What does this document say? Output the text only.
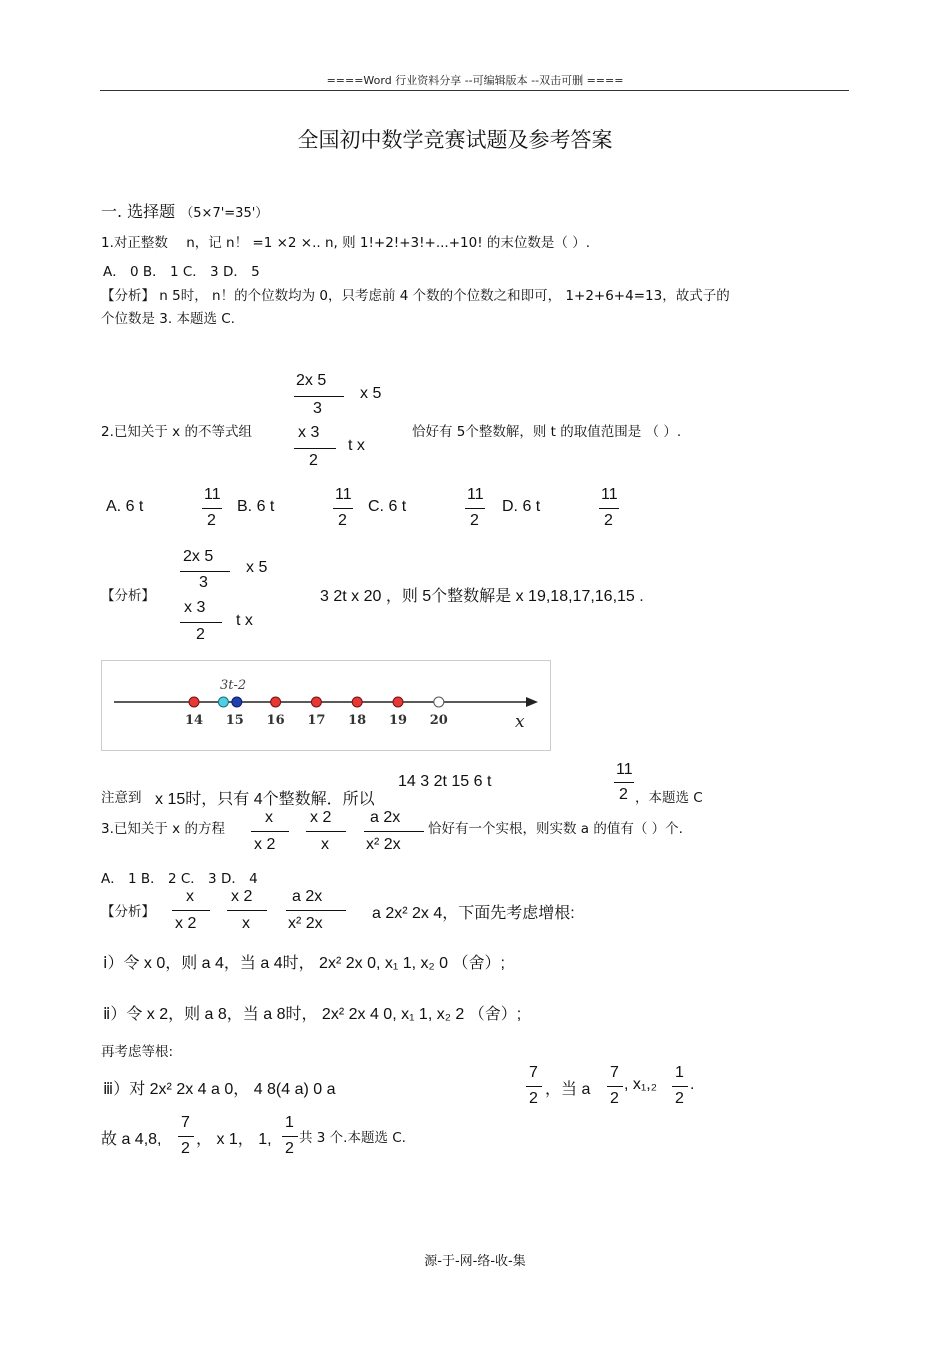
====Word 行业资料分享 --可编辑版本 --双击可删 ====
全国初中数学竞赛试题及参考答案
一. 选择题 （5×7'=35'）
1.对正整数 n，记 n！ =1 ×2 ×.. n, 则 1!+2!+3!+...+10! 的末位数是（ ）.
A． 0 B． 1 C． 3 D． 5
【分析】 n 5时， n！的个位数均为 0，只考虑前 4 个数的个位数之和即可， 1+2+6+4=13，故式子的
个位数是 3. 本题选 C.
2x 5
3
x 5
2.已知关于 x 的不等式组	恰好有 5个整数解，则 t 的取值范围是 （ ）.
x 3
2
t x
A. 6 t
11
2
B. 6 t
11
2
C. 6 t
11
2
D. 6 t
11
2
2x 5
3
x 5
【分析】	3 2t x 20 ，则 5个整数解是 x 19,18,17,16,15 .
x 3
2
t x
3t-2
x
14 15 16 17 18 19 20
注意到 x 15时，只有 4个整数解．所以
14 3 2t 15 6 t
11
2 ，本题选 C
3.已知关于 x 的方程
x
x 2
x 2
x
a 2x
x² 2x
恰好有一个实根，则实数 a 的值有（ ）个.
A． 1 B． 2 C． 3 D． 4
【分析】
x
x 2
x 2
x
a 2x
x² 2x
a 2x² 2x 4，下面先考虑增根:
ⅰ）令 x 0，则 a 4，当 a 4时， 2x² 2x 0, x₁ 1, x₂ 0 （舍）;
ⅱ）令 x 2，则 a 8，当 a 8时， 2x² 2x 4 0, x₁ 1, x₂ 2 （舍）;
再考虑等根:
ⅲ）对 2x² 2x 4 a 0， 4 8(4 a) 0 a
7
2
，当 a
7
2
, x₁,₂
1
2
.
故 a 4,8,
7
2
， x 1， 1,
1
2
共 3 个.本题选 C.
源-于-网-络-收-集
